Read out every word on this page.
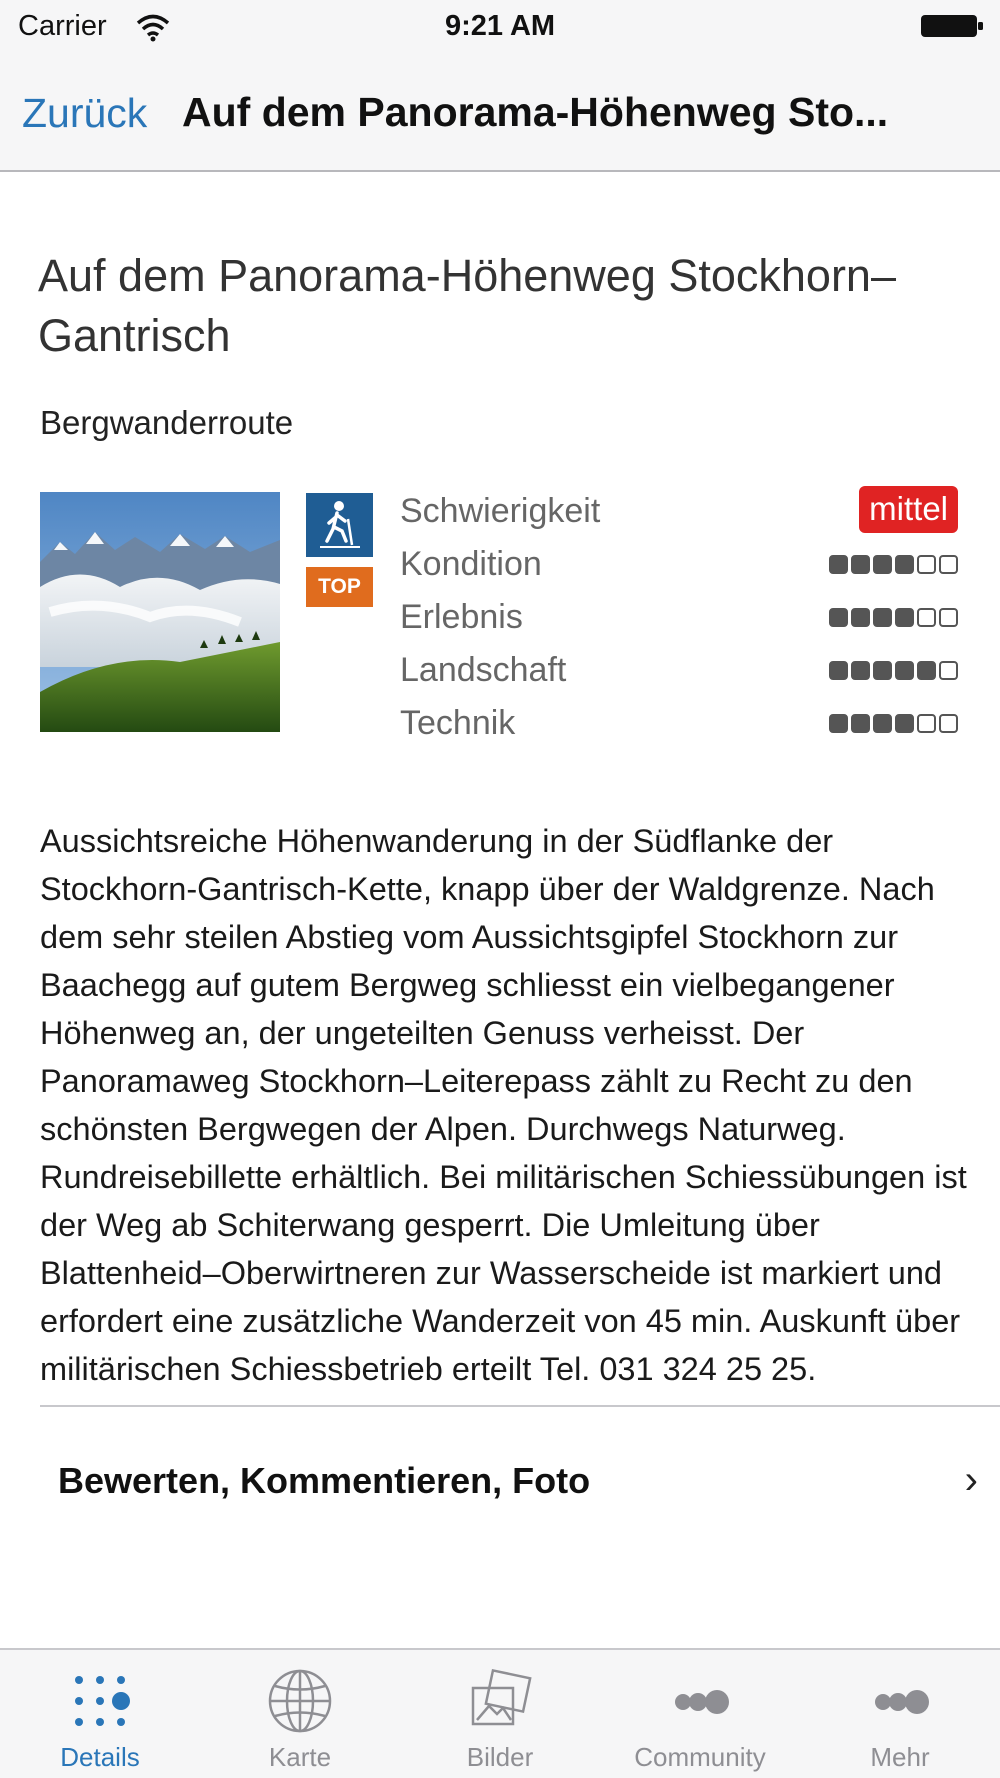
Carrier	9:21 AM
Zurück Auf dem Panorama-Höhenweg Sto...
Auf dem Panorama-Höhenweg Stockhorn–Gantrisch
Bergwanderroute
TOP
Schwierigkeit	mittel
Kondition
Erlebnis
Landschaft
Technik
Aussichtsreiche Höhenwanderung in der Südflanke der Stockhorn-Gantrisch-Kette, knapp über der Waldgrenze. Nach dem sehr steilen Abstieg vom Aussichtsgipfel Stockhorn zur Baachegg auf gutem Bergweg schliesst ein vielbegangener Höhenweg an, der ungeteilten Genuss verheisst. Der Panoramaweg Stockhorn–Leiterepass zählt zu Recht zu den schönsten Bergwegen der Alpen. Durchwegs Naturweg. Rundreisebillette erhältlich. Bei militärischen Schiessübungen ist der Weg ab Schiterwang gesperrt. Die Umleitung über Blattenheid–Oberwirtneren zur Wasserscheide ist markiert und erfordert eine zusätzliche Wanderzeit von 45 min. Auskunft über militärischen Schiessbetrieb erteilt Tel. 031 324 25 25.
Bewerten, Kommentieren, Foto	›
Details	Karte	Bilder	Community	Mehr
